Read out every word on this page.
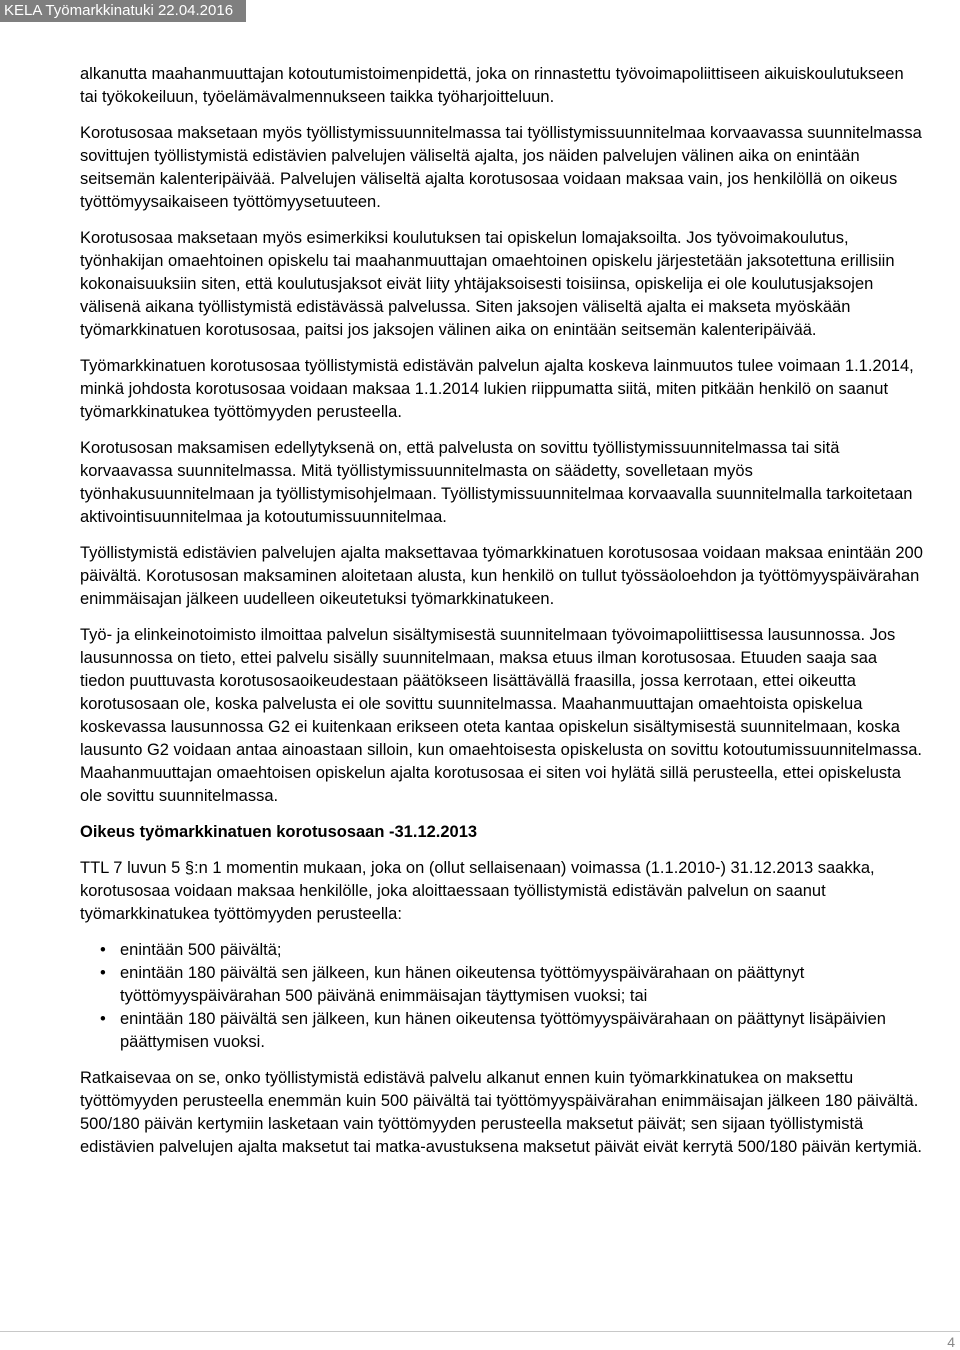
KELA Työmarkkinatuki 22.04.2016

alkanutta maahanmuuttajan kotoutumistoimenpidettä, joka on rinnastettu työvoimapoliittiseen aikuiskoulutukseen tai työkokeiluun, työelämävalmennukseen taikka työharjoitteluun.

Korotusosaa maksetaan myös työllistymissuunnitelmassa tai työllistymissuunnitelmaa korvaavassa suunnitelmassa sovittujen työllistymistä edistävien palvelujen väliseltä ajalta, jos näiden palvelujen välinen aika on enintään seitsemän kalenteripäivää. Palvelujen väliseltä ajalta korotusosaa voidaan maksaa vain, jos henkilöllä on oikeus työttömyysaikaiseen työttömyysetuuteen.

Korotusosaa maksetaan myös esimerkiksi koulutuksen tai opiskelun lomajaksoilta. Jos työvoimakoulutus, työnhakijan omaehtoinen opiskelu tai maahanmuuttajan omaehtoinen opiskelu järjestetään jaksotettuna erillisiin kokonaisuuksiin siten, että koulutusjaksot eivät liity yhtäjaksoisesti toisiinsa, opiskelija ei ole koulutusjaksojen välisenä aikana työllistymistä edistävässä palvelussa. Siten jaksojen väliseltä ajalta ei makseta myöskään työmarkkinatuen korotusosaa, paitsi jos jaksojen välinen aika on enintään seitsemän kalenteripäivää.

Työmarkkinatuen korotusosaa työllistymistä edistävän palvelun ajalta koskeva lainmuutos tulee voimaan 1.1.2014, minkä johdosta korotusosaa voidaan maksaa 1.1.2014 lukien riippumatta siitä, miten pitkään henkilö on saanut työmarkkinatukea työttömyyden perusteella.

Korotusosan maksamisen edellytyksenä on, että palvelusta on sovittu työllistymissuunnitelmassa tai sitä korvaavassa suunnitelmassa. Mitä työllistymissuunnitelmasta on säädetty, sovelletaan myös työnhakusuunnitelmaan ja työllistymisohjelmaan. Työllistymissuunnitelmaa korvaavalla suunnitelmalla tarkoitetaan aktivointisuunnitelmaa ja kotoutumissuunnitelmaa.

Työllistymistä edistävien palvelujen ajalta maksettavaa työmarkkinatuen korotusosaa voidaan maksaa enintään 200 päivältä. Korotusosan maksaminen aloitetaan alusta, kun henkilö on tullut työssäoloehdon ja työttömyyspäivärahan enimmäisajan jälkeen uudelleen oikeutetuksi työmarkkinatukeen.

Työ- ja elinkeinotoimisto ilmoittaa palvelun sisältymisestä suunnitelmaan työvoimapoliittisessa lausunnossa. Jos lausunnossa on tieto, ettei palvelu sisälly suunnitelmaan, maksa etuus ilman korotusosaa. Etuuden saaja saa tiedon puuttuvasta korotusosaoikeudestaan päätökseen lisättävällä fraasilla, jossa kerrotaan, ettei oikeutta korotusosaan ole, koska palvelusta ei ole sovittu suunnitelmassa. Maahanmuuttajan omaehtoista opiskelua koskevassa lausunnossa G2 ei kuitenkaan erikseen oteta kantaa opiskelun sisältymisestä suunnitelmaan, koska lausunto G2 voidaan antaa ainoastaan silloin, kun omaehtoisesta opiskelusta on sovittu kotoutumissuunnitelmassa. Maahanmuuttajan omaehtoisen opiskelun ajalta korotusosaa ei siten voi hylätä sillä perusteella, ettei opiskelusta ole sovittu suunnitelmassa.

Oikeus työmarkkinatuen korotusosaan -31.12.2013

TTL 7 luvun 5 §:n 1 momentin mukaan, joka on (ollut sellaisenaan) voimassa (1.1.2010-) 31.12.2013 saakka, korotusosaa voidaan maksaa henkilölle, joka aloittaessaan työllistymistä edistävän palvelun on saanut työmarkkinatukea työttömyyden perusteella:

• enintään 500 päivältä;
• enintään 180 päivältä sen jälkeen, kun hänen oikeutensa työttömyyspäivärahaan on päättynyt työttömyyspäivärahan 500 päivänä enimmäisajan täyttymisen vuoksi; tai
• enintään 180 päivältä sen jälkeen, kun hänen oikeutensa työttömyyspäivärahaan on päättynyt lisäpäivien päättymisen vuoksi.

Ratkaisevaa on se, onko työllistymistä edistävä palvelu alkanut ennen kuin työmarkkinatukea on maksettu työttömyyden perusteella enemmän kuin 500 päivältä tai työttömyyspäivärahan enimmäisajan jälkeen 180 päivältä. 500/180 päivän kertymiin lasketaan vain työttömyyden perusteella maksetut päivät; sen sijaan työllistymistä edistävien palvelujen ajalta maksetut tai matka-avustuksena maksetut päivät eivät kerrytä 500/180 päivän kertymiä.

4
